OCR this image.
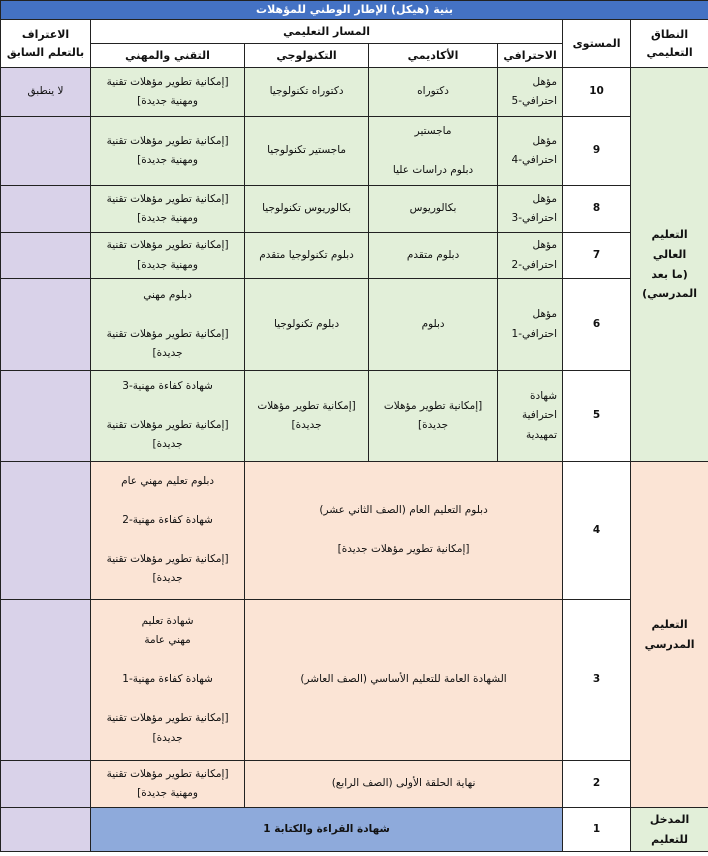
بنية (هيكل) الإطار الوطني للمؤهلات						
النطاق
التعليمي	المستوى	المسار التعليمي				الاعتراف
بالتعلم السابق
		الاحترافي	الأكاديمي	التكنولوجي	التقني والمهني	
التعليم العالي
(ما بعد
المدرسي)	10	مؤهل
احترافي-5	دكتوراه	دكتوراه تكنولوجيا	[إمكانية تطوير مؤهلات تقنية
ومهنية جديدة]	لا ينطبق
	9	مؤهل
احترافي-4	ماجستير

دبلوم دراسات عليا	ماجستير تكنولوجيا	[إمكانية تطوير مؤهلات تقنية
ومهنية جديدة]	
	8	مؤهل
احترافي-3	بكالوريوس	بكالوريوس تكنولوجيا	[إمكانية تطوير مؤهلات تقنية
ومهنية جديدة]	
	7	مؤهل
احترافي-2	دبلوم متقدم	دبلوم تكنولوجيا متقدم	[إمكانية تطوير مؤهلات تقنية
ومهنية جديدة]	
	6	مؤهل
احترافي-1	دبلوم	دبلوم تكنولوجيا	دبلوم مهني

[إمكانية تطوير مؤهلات تقنية
جديدة]	
	5	شهادة
احترافية
تمهيدية	[إمكانية تطوير مؤهلات
جديدة]	[إمكانية تطوير مؤهلات
جديدة]	شهادة كفاءة مهنية-3

[إمكانية تطوير مؤهلات تقنية
جديدة]	
التعليم
المدرسي	4	دبلوم التعليم العام (الصف الثاني عشر)

[إمكانية تطوير مؤهلات جديدة]			دبلوم تعليم مهني عام

شهادة كفاءة مهنية-2

[إمكانية تطوير مؤهلات تقنية
جديدة]	
	3	الشهادة العامة للتعليم الأساسي (الصف العاشر)			شهادة تعليم
مهني عامة

شهادة كفاءة مهنية-1

[إمكانية تطوير مؤهلات تقنية
جديدة]	
	2	نهاية الحلقة الأولى (الصف الرابع)			[إمكانية تطوير مؤهلات تقنية
ومهنية جديدة]	
المدخل
للتعليم	1	شهادة القراءة والكتابة 1				
